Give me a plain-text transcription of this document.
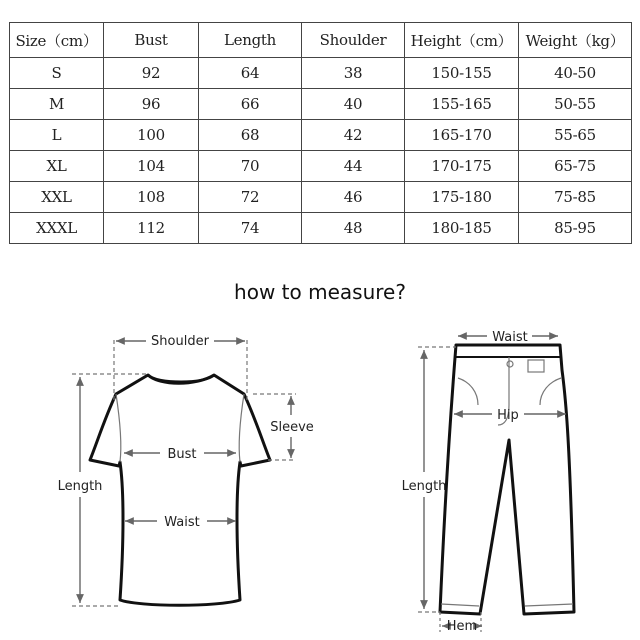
Size（cm）	Bust	Length	Shoulder	Height（cm）	Weight（kg）
S	92	64	38	150-155	40-50
M	96	66	40	155-165	50-55
L	100	68	42	165-170	55-65
XL	104	70	44	170-175	65-75
XXL	108	72	46	175-180	75-85
XXXL	112	74	48	180-185	85-95
how to measure?
Shoulder
Sleeve
Bust
Waist
Length
Waist
Hip
Length
Hem
